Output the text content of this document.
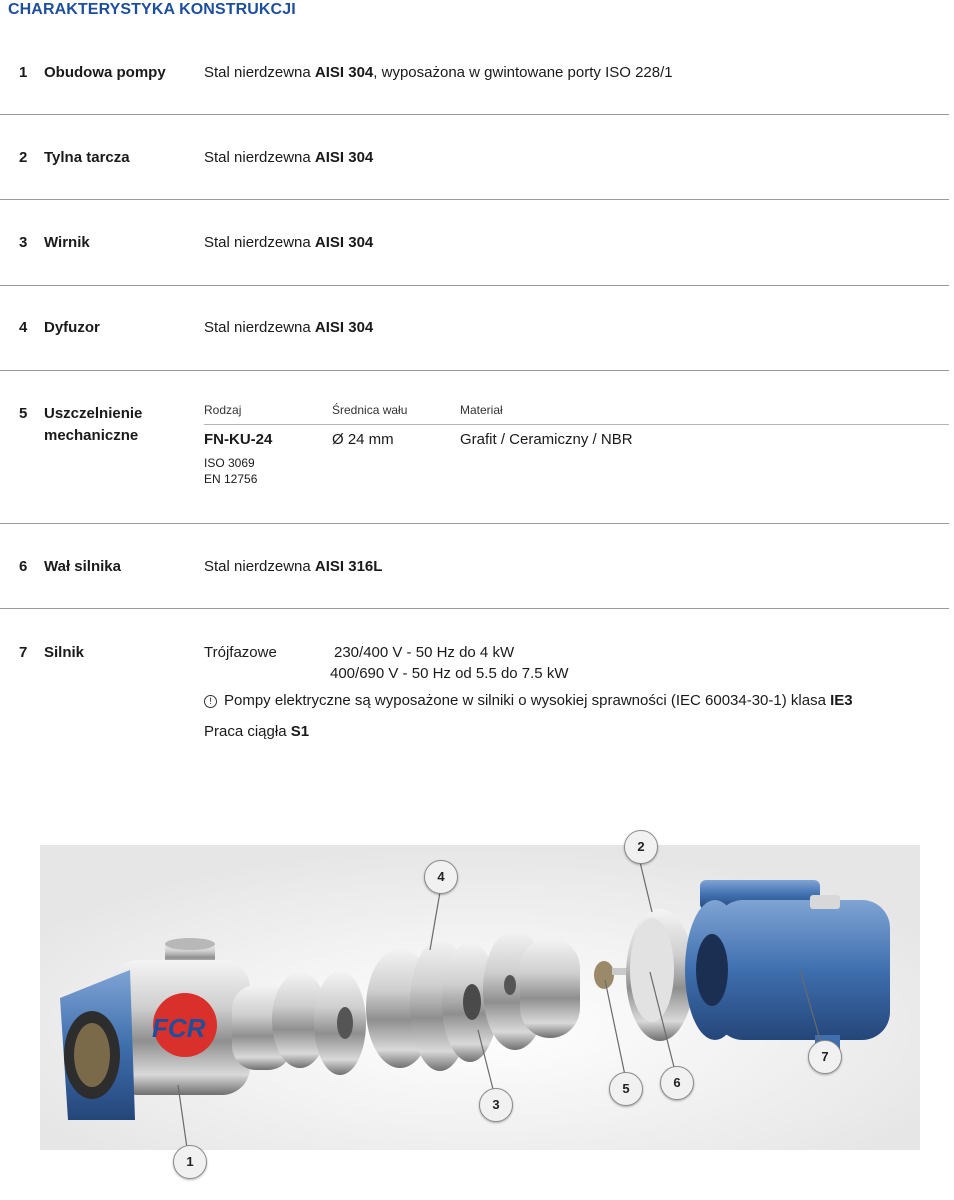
CHARAKTERYSTYKA KONSTRUKCJI
1 Obudowa pompy	Stal nierdzewna AISI 304, wyposażona w gwintowane porty ISO 228/1
2 Tylna tarcza	Stal nierdzewna AISI 304
3 Wirnik	Stal nierdzewna AISI 304
4 Dyfuzor	Stal nierdzewna AISI 304
5 Uszczelnienie
mechaniczne
Rodzaj	Średnica wału	Materiał
FN-KU-24	Ø 24 mm	Grafit / Ceramiczny / NBR
ISO 3069
EN 12756
6 Wał silnika	Stal nierdzewna AISI 316L
7 Silnik	Trójfazowe	230/400 V - 50 Hz do 4 kW
400/690 V - 50 Hz od 5.5 do 7.5 kW
! Pompy elektryczne są wyposażone w silniki o wysokiej sprawności (IEC 60034-30-1) klasa IE3
Praca ciągła S1
FCR
1
2
3
4
5	6
7
